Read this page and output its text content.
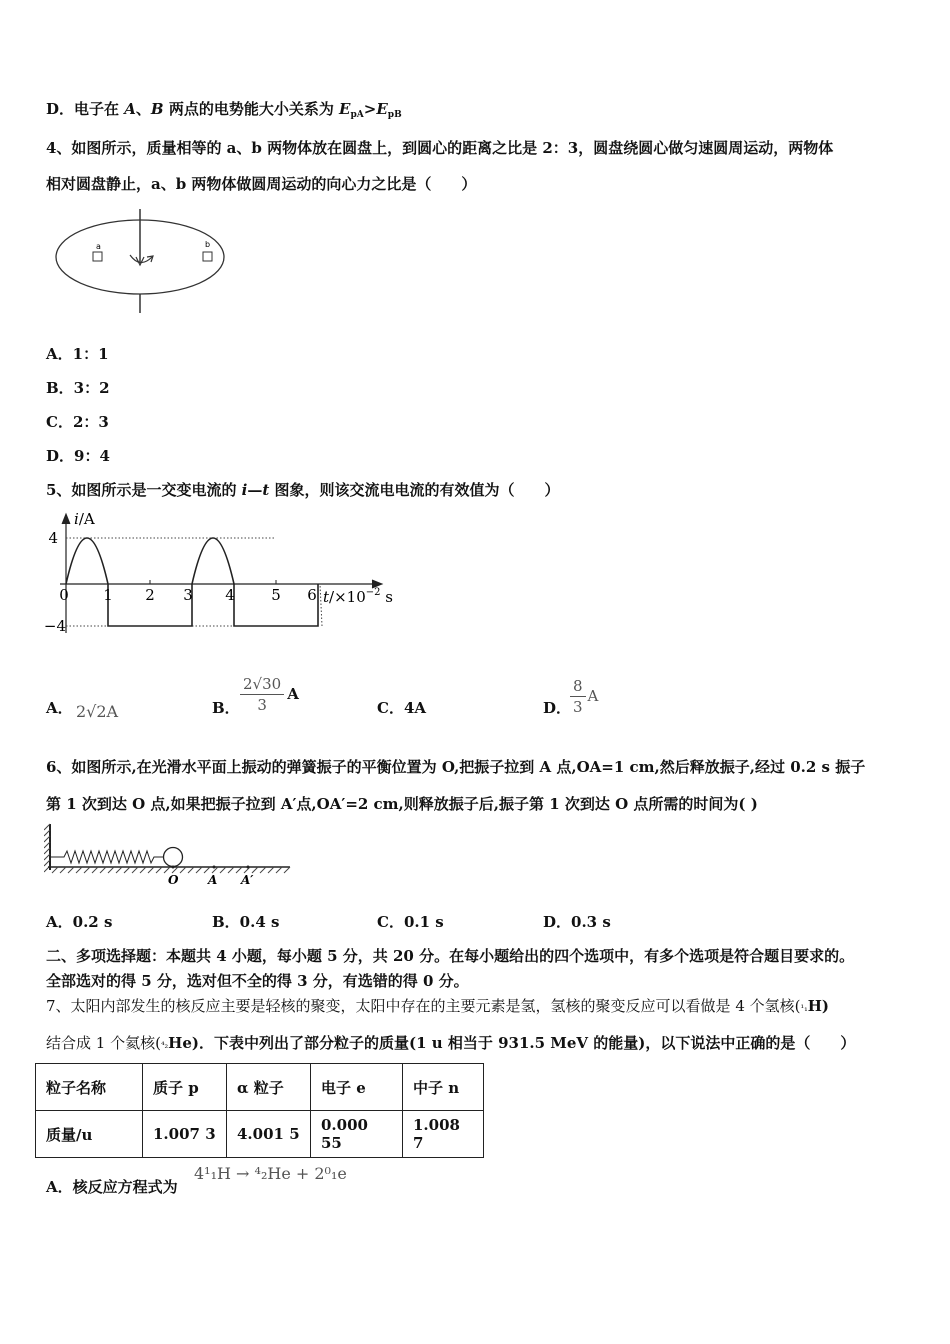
D．电子在 A、B 两点的电势能大小关系为 $E_{pA}>E_{pB}$
4、如图所示，质量相等的 a、b 两物体放在圆盘上，到圆心的距离之比是 2：3，圆盘绕圆心做匀速圆周运动，两物体
相对圆盘静止，a、b 两物体做圆周运动的向心力之比是（　　）
a	b
A．1：1
B．3：2
C．2：3
D．9：4
5、如图所示是一交变电流的 i—t 图象，则该交流电电流的有效值为（　　）
i/A
4
−4
0 1 2 3 4 5 6 $t/\times 10^{-2}$ s
A． 2√2A	B． $\frac{2√30}{3}$ A
C．4A	D．
$\frac{8}{3}$ A
6、如图所示,在光滑水平面上振动的弹簧振子的平衡位置为 O,把振子拉到 A 点,OA=1 cm,然后释放振子,经过 0.2 s 振子
第 1 次到达 O 点,如果把振子拉到 A′点,OA′=2 cm,则释放振子后,振子第 1 次到达 O 点所需的时间为( )
O A A′
A．0.2 s	B．0.4 s	C．0.1 s	D．0.3 s
二、多项选择题：本题共 4 小题，每小题 5 分，共 20 分。在每小题给出的四个选项中，有多个选项是符合题目要求的。
全部选对的得 5 分，选对但不全的得 3 分，有选错的得 0 分。
7、太阳内部发生的核反应主要是轻核的聚变，太阳中存在的主要元素是氢，氢核的聚变反应可以看做是 4 个氢核(¹₁H)
结合成 1 个氦核(⁴₂He)．下表中列出了部分粒子的质量(1 u 相当于 931.5 MeV 的能量)，以下说法中正确的是（　　）
粒子名称	质子 p	α 粒子	电子 e	中子 n
质量/u	1.007 3	4.001 5	0.000 55	1.008 7
A．核反应方程式为
4¹₁H → ⁴₂He + 2⁰₁e
